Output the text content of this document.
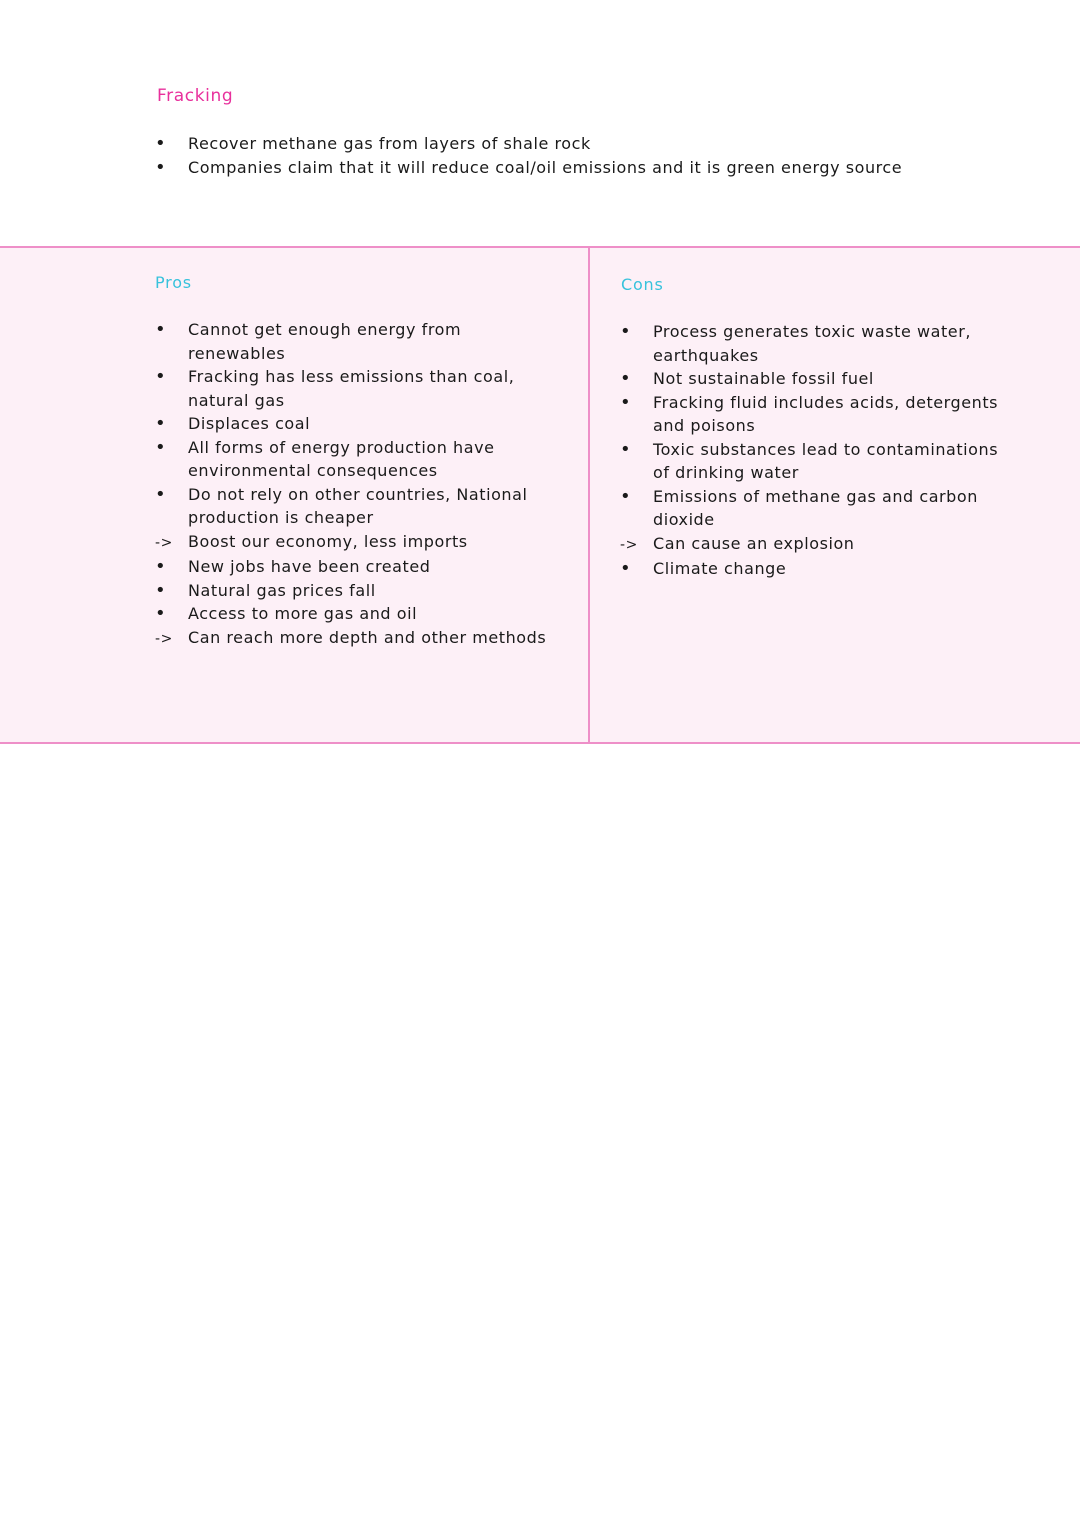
Fracking
•	Recover methane gas from layers of shale rock
•	Companies claim that it will reduce coal/oil emissions and it is green energy source
Pros
•	Cannot get enough energy from
renewables
•	Fracking has less emissions than coal,
natural gas
•	Displaces coal
•	All forms of energy production have
environmental consequences
•	Do not rely on other countries, National
production is cheaper
-> Boost our economy, less imports
•	New jobs have been created
•	Natural gas prices fall
•	Access to more gas and oil
-> Can reach more depth and other methods
Cons
•	Process generates toxic waste water,
earthquakes
•	Not sustainable fossil fuel
•	Fracking fluid includes acids, detergents
and poisons
•	Toxic substances lead to contaminations
of drinking water
•	Emissions of methane gas and carbon
dioxide
-> Can cause an explosion
•	Climate change
